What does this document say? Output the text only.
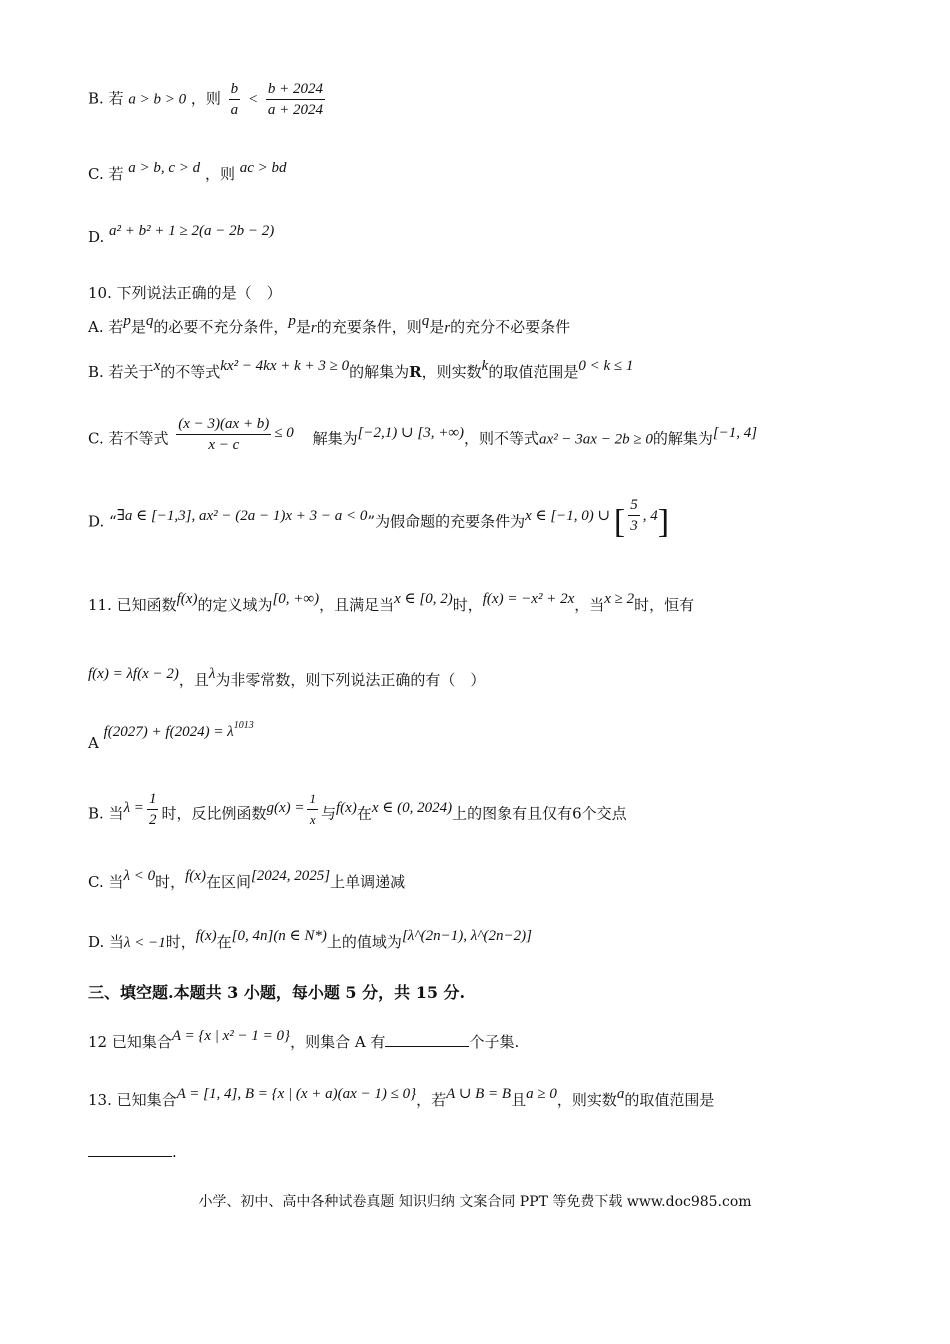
B. 若 a > b > 0 ，则 $\frac{b}{a} < \frac{b + 2024}{a + 2024}$
C. 若 a > b, c > d ，则 ac > bd
D. a² + b² + 1 ≥ 2(a − 2b − 2)
10. 下列说法正确的是（　）
A. 若p是q的必要不充分条件，p是r的充要条件，则q是r的充分不必要条件
B. 若关于x的不等式kx² − 4kx + k + 3 ≥ 0的解集为R，则实数k的取值范围是0 < k ≤ 1
C. 若不等式 $\frac{(x - 3)(ax + b)}{x - c} \le 0$ 解集为[−2,1) ∪ [3, +∞)，则不等式ax² − 3ax − 2b ≥ 0的解集为[−1, 4]
D. “∃a ∈ [−1,3], ax² − (2a − 1)x + 3 − a < 0”为假命题的充要条件为x ∈ [−1, 0) ∪ [ $\frac{5}{3}$ , 4]
11. 已知函数f(x)的定义域为[0, +∞)，且满足当x ∈ [0, 2)时，f(x) = −x² + 2x，当x ≥ 2时，恒有
f(x) = λf(x − 2)，且λ为非零常数，则下列说法正确的有（　）
A $f(2027) + f(2024) = \lambda^{1013}$
B. 当$\lambda = \frac{1}{2}$ 时，反比例函数$g(x) = \frac{1}{x}$ 与f(x)在x ∈ (0, 2024)上的图象有且仅有6个交点
C. 当λ < 0时，f(x)在区间[2024, 2025]上单调递减
D. 当λ < −1时，f(x)在[0, 4n](n ∈ N*)上的值域为[λ^(2n−1), λ^(2n−2)]
三、填空题.本题共 3 小题，每小题 5 分，共 15 分.
12 已知集合A = {x | x² − 1 = 0}，则集合 A 有	个子集.
13. 已知集合A = [1, 4], B = {x | (x + a)(ax − 1) ≤ 0}，若A ∪ B = B且a ≥ 0，则实数a的取值范围是
.
小学、初中、高中各种试卷真题 知识归纳 文案合同 PPT 等免费下载 www.doc985.com
